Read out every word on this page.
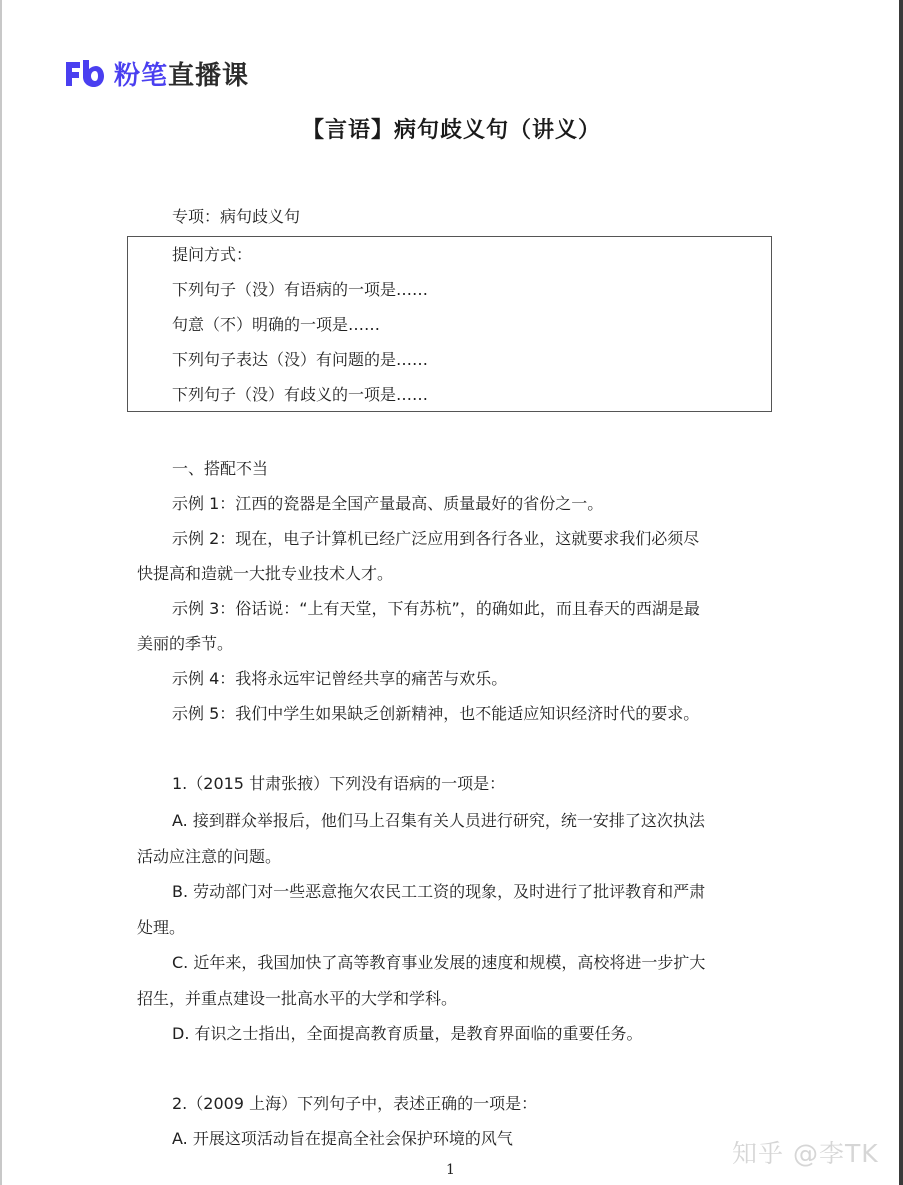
粉笔 直播课
【言语】病句歧义句（讲义）
专项：病句歧义句
提问方式：
下列句子（没）有语病的一项是……
句意（不）明确的一项是……
下列句子表达（没）有问题的是……
下列句子（没）有歧义的一项是……
一、搭配不当
示例 1：江西的瓷器是全国产量最高、质量最好的省份之一。
示例 2：现在，电子计算机已经广泛应用到各行各业，这就要求我们必须尽
快提高和造就一大批专业技术人才。
示例 3：俗话说：“上有天堂，下有苏杭”，的确如此，而且春天的西湖是最
美丽的季节。
示例 4：我将永远牢记曾经共享的痛苦与欢乐。
示例 5：我们中学生如果缺乏创新精神，也不能适应知识经济时代的要求。
1.（2015 甘肃张掖）下列没有语病的一项是：
A. 接到群众举报后，他们马上召集有关人员进行研究，统一安排了这次执法
活动应注意的问题。
B. 劳动部门对一些恶意拖欠农民工工资的现象，及时进行了批评教育和严肃
处理。
C. 近年来，我国加快了高等教育事业发展的速度和规模，高校将进一步扩大
招生，并重点建设一批高水平的大学和学科。
D. 有识之士指出，全面提高教育质量，是教育界面临的重要任务。
2.（2009 上海）下列句子中，表述正确的一项是：
A. 开展这项活动旨在提高全社会保护环境的风气
1
知乎 @李TK
